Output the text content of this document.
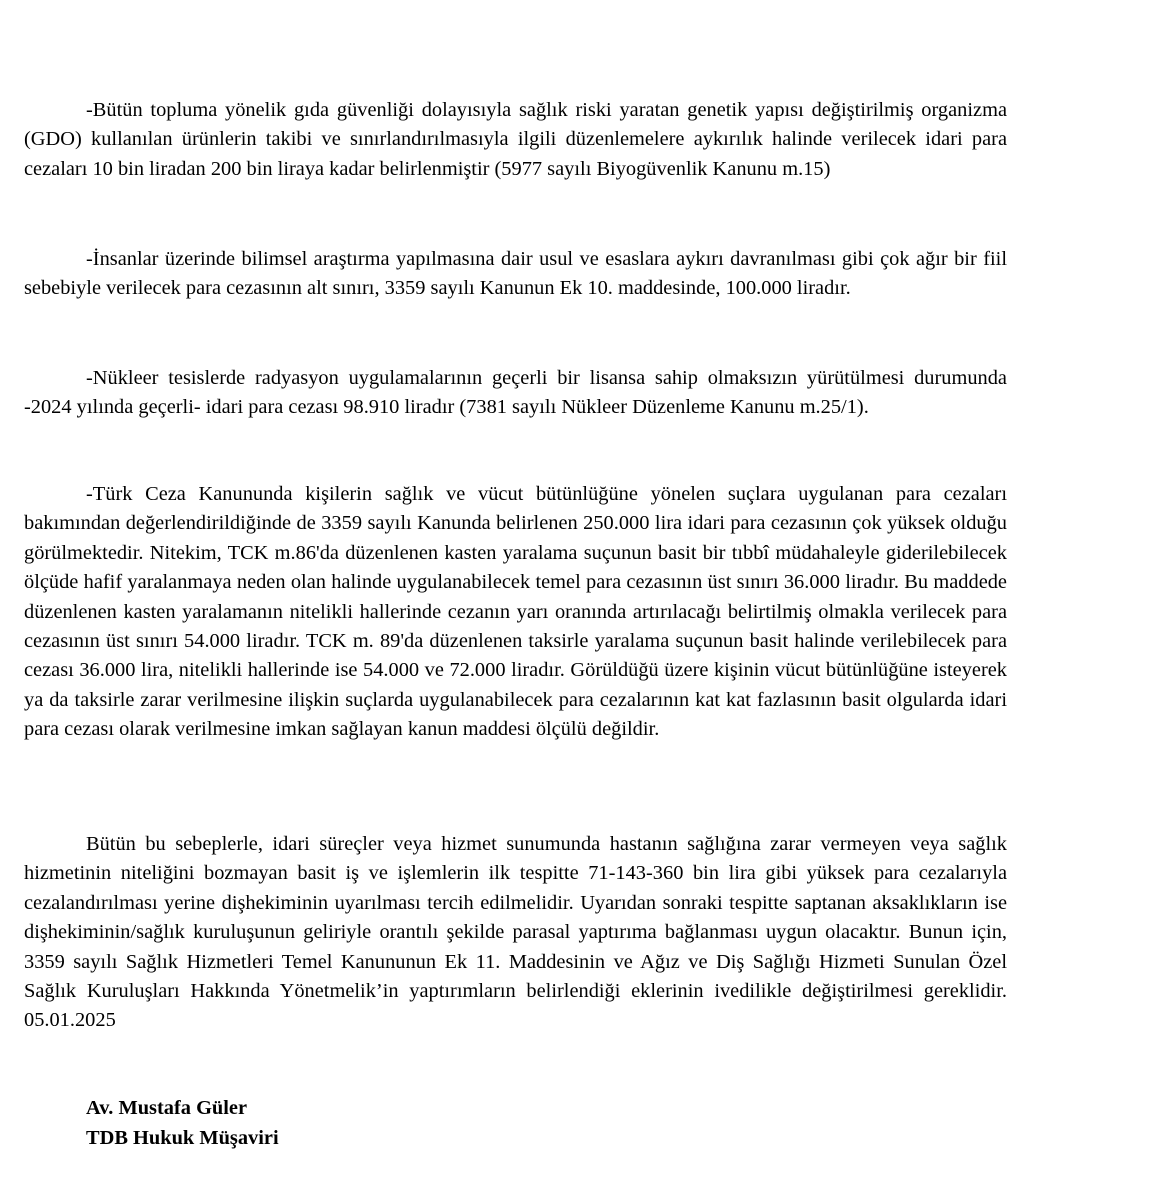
-Bütün topluma yönelik gıda güvenliği dolayısıyla sağlık riski yaratan genetik yapısı değiştirilmiş organizma (GDO) kullanılan ürünlerin takibi ve sınırlandırılmasıyla ilgili düzenlemelere aykırılık halinde verilecek idari para cezaları 10 bin liradan 200 bin liraya kadar belirlenmiştir (5977 sayılı Biyogüvenlik Kanunu m.15)

-İnsanlar üzerinde bilimsel araştırma yapılmasına dair usul ve esaslara aykırı davranılması gibi çok ağır bir fiil sebebiyle verilecek para cezasının alt sınırı, 3359 sayılı Kanunun Ek 10. maddesinde, 100.000 liradır.

-Nükleer tesislerde radyasyon uygulamalarının geçerli bir lisansa sahip olmaksızın yürütülmesi durumunda -2024 yılında geçerli- idari para cezası 98.910 liradır (7381 sayılı Nükleer Düzenleme Kanunu m.25/1).

-Türk Ceza Kanununda kişilerin sağlık ve vücut bütünlüğüne yönelen suçlara uygulanan para cezaları bakımından değerlendirildiğinde de 3359 sayılı Kanunda belirlenen 250.000 lira idari para cezasının çok yüksek olduğu görülmektedir. Nitekim, TCK m.86'da düzenlenen kasten yaralama suçunun basit bir tıbbî müdahaleyle giderilebilecek ölçüde hafif yaralanmaya neden olan halinde uygulanabilecek temel para cezasının üst sınırı 36.000 liradır. Bu maddede düzenlenen kasten yaralamanın nitelikli hallerinde cezanın yarı oranında artırılacağı belirtilmiş olmakla verilecek para cezasının üst sınırı 54.000 liradır. TCK m. 89'da düzenlenen taksirle yaralama suçunun basit halinde verilebilecek para cezası 36.000 lira, nitelikli hallerinde ise 54.000 ve 72.000 liradır. Görüldüğü üzere kişinin vücut bütünlüğüne isteyerek ya da taksirle zarar verilmesine ilişkin suçlarda uygulanabilecek para cezalarının kat kat fazlasının basit olgularda idari para cezası olarak verilmesine imkan sağlayan kanun maddesi ölçülü değildir.

Bütün bu sebeplerle, idari süreçler veya hizmet sunumunda hastanın sağlığına zarar vermeyen veya sağlık hizmetinin niteliğini bozmayan basit iş ve işlemlerin ilk tespitte 71-143-360 bin lira gibi yüksek para cezalarıyla cezalandırılması yerine dişhekiminin uyarılması tercih edilmelidir. Uyarıdan sonraki tespitte saptanan aksaklıkların ise dişhekiminin/sağlık kuruluşunun geliriyle orantılı şekilde parasal yaptırıma bağlanması uygun olacaktır. Bunun için, 3359 sayılı Sağlık Hizmetleri Temel Kanununun Ek 11. Maddesinin ve Ağız ve Diş Sağlığı Hizmeti Sunulan Özel Sağlık Kuruluşları Hakkında Yönetmelik’in yaptırımların belirlendiği eklerinin ivedilikle değiştirilmesi gereklidir. 05.01.2025

Av. Mustafa Güler
TDB Hukuk Müşaviri
